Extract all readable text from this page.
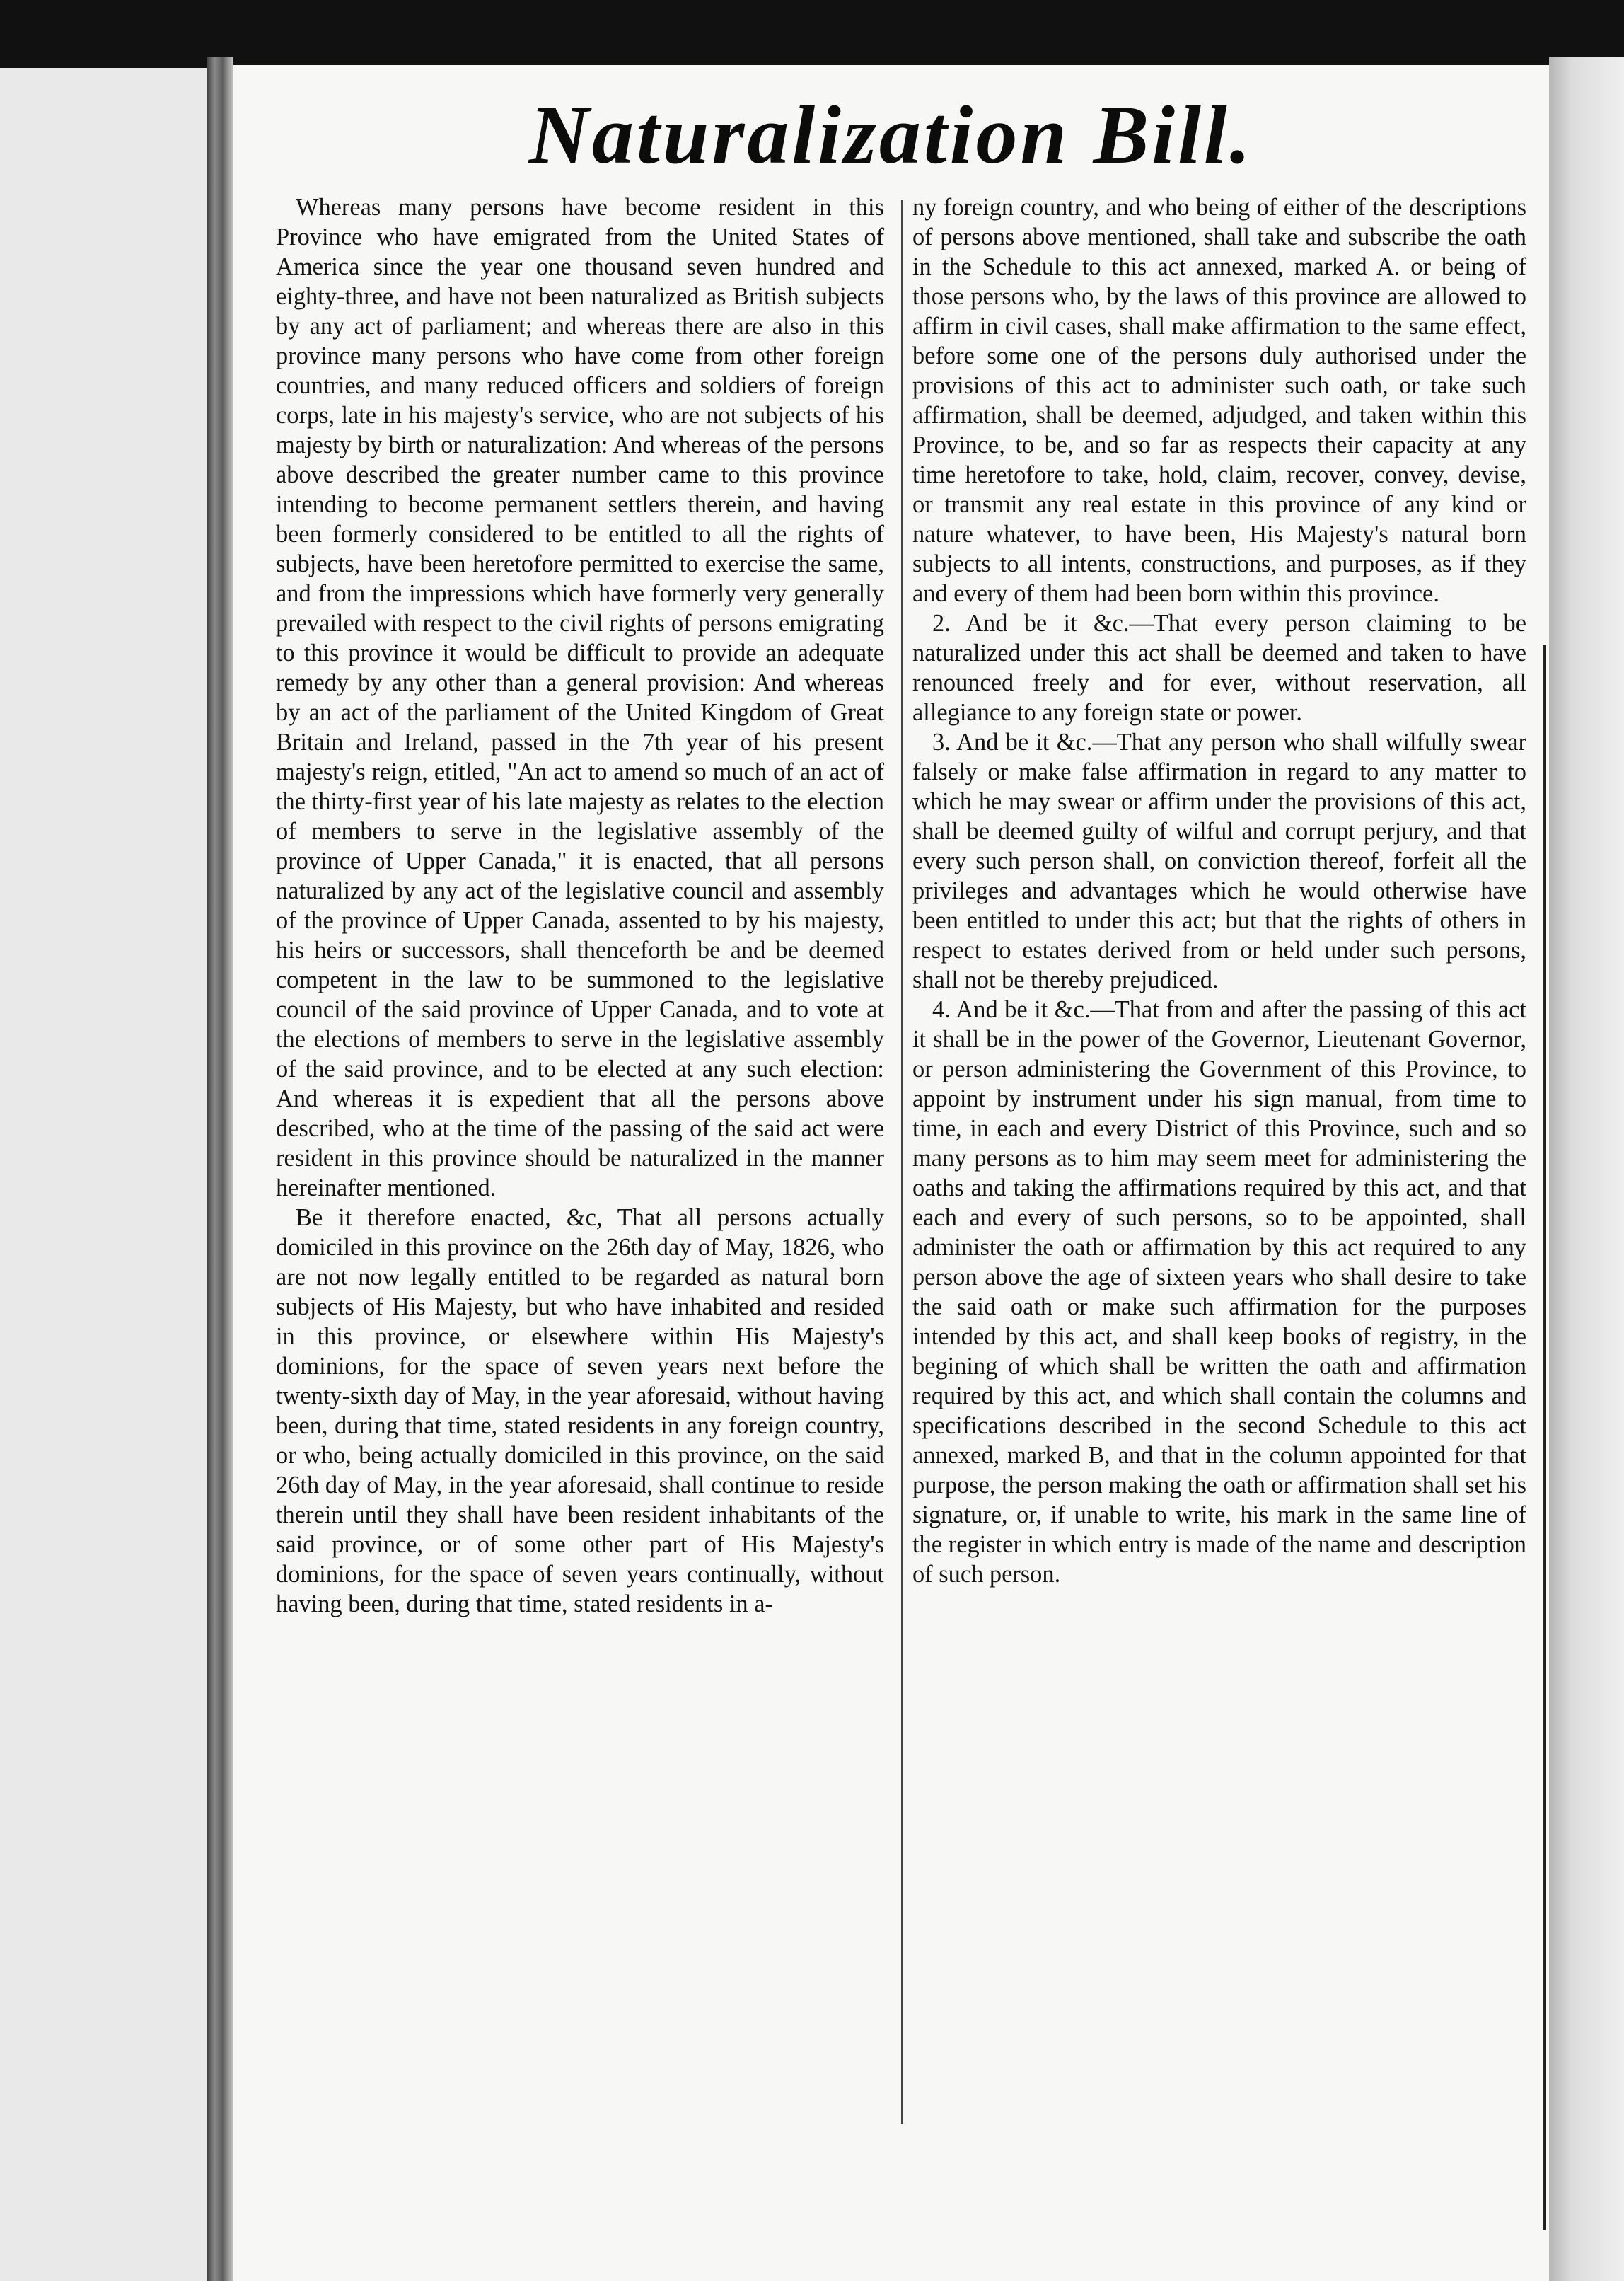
Naturalization Bill.

Whereas many persons have become resident in this Province who have emigrated from the United States of America since the year one thousand seven hundred and eighty-three, and have not been naturalized as British subjects by any act of parliament; and whereas there are also in this province many persons who have come from other foreign countries, and many reduced officers and soldiers of foreign corps, late in his majesty's service, who are not subjects of his majesty by birth or naturalization: And whereas of the persons above described the greater number came to this province intending to become permanent settlers therein, and having been formerly considered to be entitled to all the rights of subjects, have been heretofore permitted to exercise the same, and from the impressions which have formerly very generally prevailed with respect to the civil rights of persons emigrating to this province it would be difficult to provide an adequate remedy by any other than a general provision: And whereas by an act of the parliament of the United Kingdom of Great Britain and Ireland, passed in the 7th year of his present majesty's reign, etitled, "An act to amend so much of an act of the thirty-first year of his late majesty as relates to the election of members to serve in the legislative assembly of the province of Upper Canada," it is enacted, that all persons naturalized by any act of the legislative council and assembly of the province of Upper Canada, assented to by his majesty, his heirs or successors, shall thenceforth be and be deemed competent in the law to be summoned to the legislative council of the said province of Upper Canada, and to vote at the elections of members to serve in the legislative assembly of the said province, and to be elected at any such election: And whereas it is expedient that all the persons above described, who at the time of the passing of the said act were resident in this province should be naturalized in the manner hereinafter mentioned.

Be it therefore enacted, &c, That all persons actually domiciled in this province on the 26th day of May, 1826, who are not now legally entitled to be regarded as natural born subjects of His Majesty, but who have inhabited and resided in this province, or elsewhere within His Majesty's dominions, for the space of seven years next before the twenty-sixth day of May, in the year aforesaid, without having been, during that time, stated residents in any foreign country, or who, being actually domiciled in this province, on the said 26th day of May, in the year aforesaid, shall continue to reside therein until they shall have been resident inhabitants of the said province, or of some other part of His Majesty's dominions, for the space of seven years continually, without having been, during that time, stated residents in a-

ny foreign country, and who being of either of the descriptions of persons above mentioned, shall take and subscribe the oath in the Schedule to this act annexed, marked A. or being of those persons who, by the laws of this province are allowed to affirm in civil cases, shall make affirmation to the same effect, before some one of the persons duly authorised under the provisions of this act to administer such oath, or take such affirmation, shall be deemed, adjudged, and taken within this Province, to be, and so far as respects their capacity at any time heretofore to take, hold, claim, recover, convey, devise, or transmit any real estate in this province of any kind or nature whatever, to have been, His Majesty's natural born subjects to all intents, constructions, and purposes, as if they and every of them had been born within this province.

2. And be it &c.—That every person claiming to be naturalized under this act shall be deemed and taken to have renounced freely and for ever, without reservation, all allegiance to any foreign state or power.

3. And be it &c.—That any person who shall wilfully swear falsely or make false affirmation in regard to any matter to which he may swear or affirm under the provisions of this act, shall be deemed guilty of wilful and corrupt perjury, and that every such person shall, on conviction thereof, forfeit all the privileges and advantages which he would otherwise have been entitled to under this act; but that the rights of others in respect to estates derived from or held under such persons, shall not be thereby prejudiced.

4. And be it &c.—That from and after the passing of this act it shall be in the power of the Governor, Lieutenant Governor, or person administering the Government of this Province, to appoint by instrument under his sign manual, from time to time, in each and every District of this Province, such and so many persons as to him may seem meet for administering the oaths and taking the affirmations required by this act, and that each and every of such persons, so to be appointed, shall administer the oath or affirmation by this act required to any person above the age of sixteen years who shall desire to take the said oath or make such affirmation for the purposes intended by this act, and shall keep books of registry, in the begining of which shall be written the oath and affirmation required by this act, and which shall contain the columns and specifications described in the second Schedule to this act annexed, marked B, and that in the column appointed for that purpose, the person making the oath or affirmation shall set his signature, or, if unable to write, his mark in the same line of the register in which entry is made of the name and description of such person.
